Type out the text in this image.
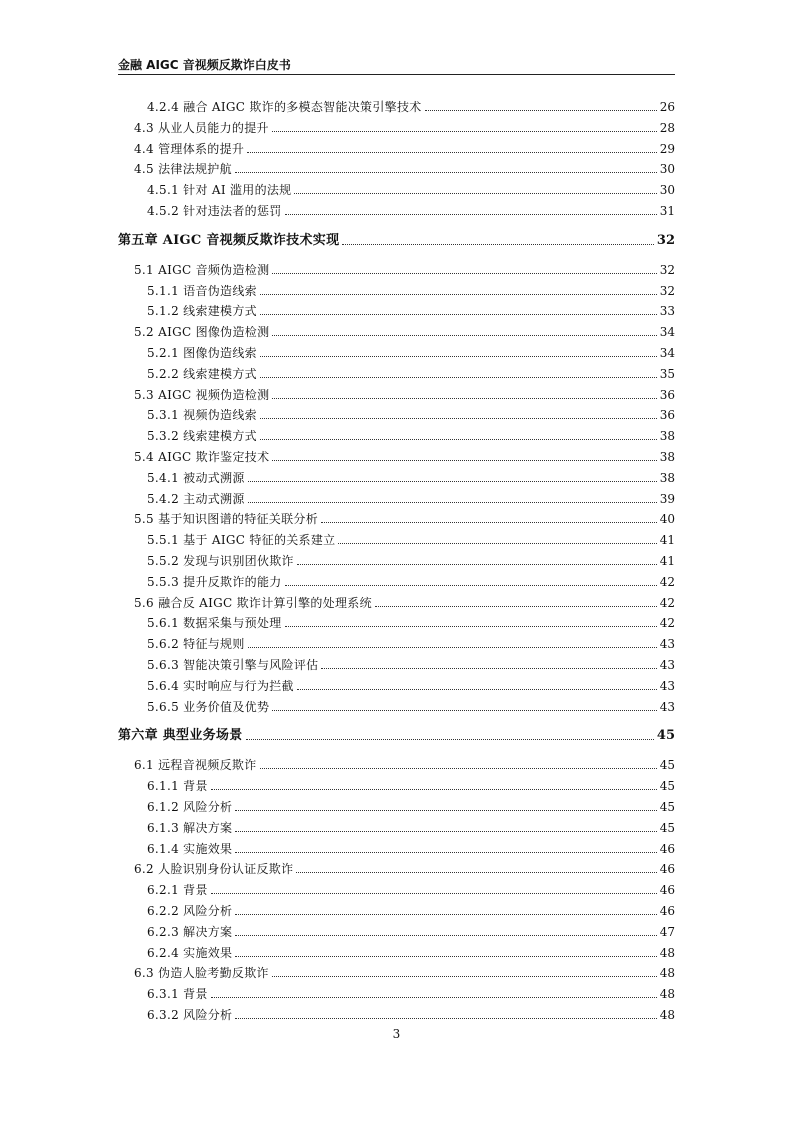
金融 AIGC 音视频反欺诈白皮书
4.2.4 融合 AIGC 欺诈的多模态智能决策引擎技术	26
4.3 从业人员能力的提升	28
4.4 管理体系的提升	29
4.5 法律法规护航	30
4.5.1 针对 AI 滥用的法规	30
4.5.2 针对违法者的惩罚	31
第五章 AIGC 音视频反欺诈技术实现	32
5.1 AIGC 音频伪造检测	32
5.1.1 语音伪造线索	32
5.1.2 线索建模方式	33
5.2 AIGC 图像伪造检测	34
5.2.1 图像伪造线索	34
5.2.2 线索建模方式	35
5.3 AIGC 视频伪造检测	36
5.3.1 视频伪造线索	36
5.3.2 线索建模方式	38
5.4 AIGC 欺诈鉴定技术	38
5.4.1 被动式溯源	38
5.4.2 主动式溯源	39
5.5 基于知识图谱的特征关联分析	40
5.5.1 基于 AIGC 特征的关系建立	41
5.5.2 发现与识别团伙欺诈	41
5.5.3 提升反欺诈的能力	42
5.6 融合反 AIGC 欺诈计算引擎的处理系统	42
5.6.1 数据采集与预处理	42
5.6.2 特征与规则	43
5.6.3 智能决策引擎与风险评估	43
5.6.4 实时响应与行为拦截	43
5.6.5 业务价值及优势	43
第六章 典型业务场景	45
6.1 远程音视频反欺诈	45
6.1.1 背景	45
6.1.2 风险分析	45
6.1.3 解决方案	45
6.1.4 实施效果	46
6.2 人脸识别身份认证反欺诈	46
6.2.1 背景	46
6.2.2 风险分析	46
6.2.3 解决方案	47
6.2.4 实施效果	48
6.3 伪造人脸考勤反欺诈	48
6.3.1 背景	48
6.3.2 风险分析	48
3
